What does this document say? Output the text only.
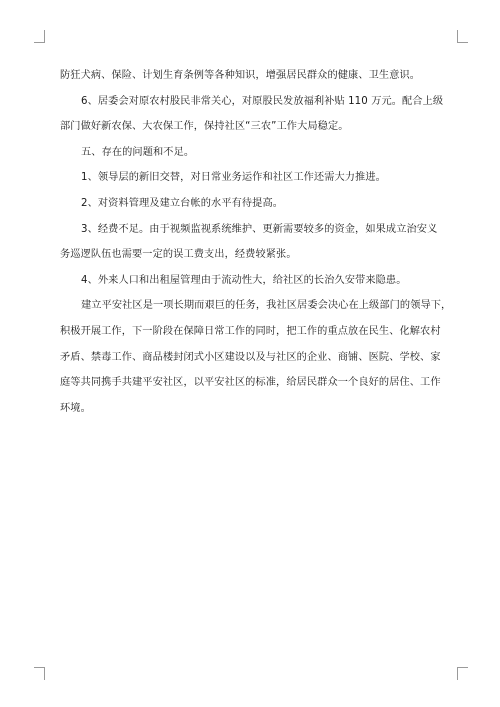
防狂犬病、保险、计划生育条例等各种知识，增强居民群众的健康、卫生意识。

6、居委会对原农村股民非常关心，对原股民发放福利补贴 110 万元。配合上级

部门做好新农保、大农保工作，保持社区“三农”工作大局稳定。

五、存在的问题和不足。

1、领导层的新旧交替，对日常业务运作和社区工作还需大力推进。

2、对资料管理及建立台帐的水平有待提高。

3、经费不足。由于视频监视系统维护、更新需要较多的资金，如果成立治安义

务巡逻队伍也需要一定的误工费支出，经费较紧张。

4、外来人口和出租屋管理由于流动性大，给社区的长治久安带来隐患。

建立平安社区是一项长期而艰巨的任务，我社区居委会决心在上级部门的领导下，

积极开展工作，下一阶段在保障日常工作的同时，把工作的重点放在民生、化解农村

矛盾、禁毒工作、商品楼封闭式小区建设以及与社区的企业、商铺、医院、学校、家

庭等共同携手共建平安社区，以平安社区的标准，给居民群众一个良好的居住、工作

环境。
